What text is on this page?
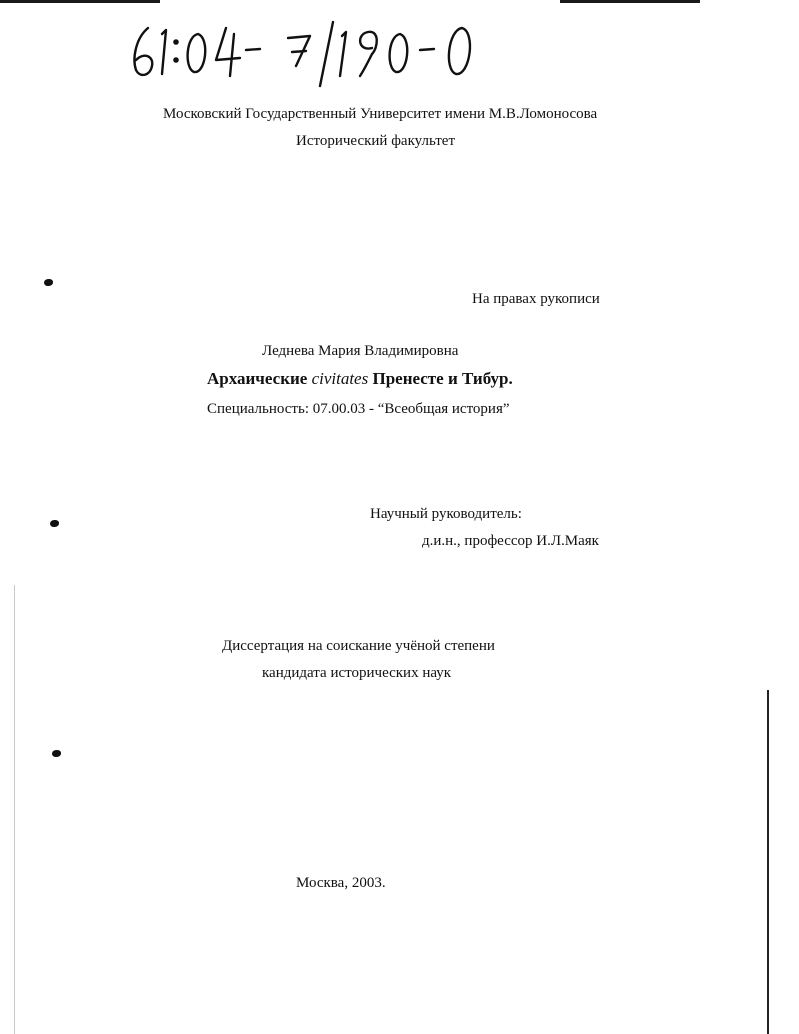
Московский Государственный Университет имени М.В.Ломоносова
Исторический факультет
На правах рукописи
Леднева Мария Владимировна
Архаические civitates Пренесте и Тибур.
Специальность: 07.00.03 - “Всеобщая история”
Научный руководитель:
д.и.н., профессор И.Л.Маяк
Диссертация на соискание учёной степени
кандидата исторических наук
Москва, 2003.
